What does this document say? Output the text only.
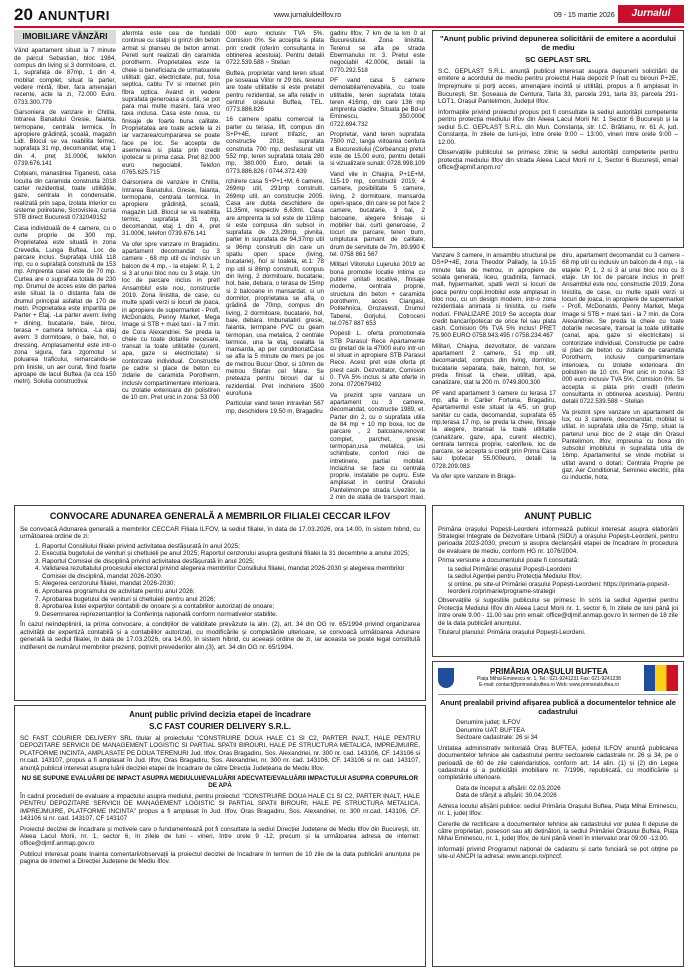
20 ANUNȚURI	www.jurnaluldeilfov.ro	09 - 15 martie 2026	Jurnalul
IMOBILIARE VÂNZĂRI

Vând apartament situat la 7 minute de parcul Sebastian, bloc 1984, compus din living și 3 dormitoare, ct. 1, suprafața de 87mp, 1 din 4, mobilat complet, situat la parter, vedere mixtă, liber, fara amenajari recente, acte la zi, 72.000 Euro. 0733.300.779

Garsoniera de vanzare in Chitila, Intrarea Banatului Gresie, faianța, termopane, centrala termica. În apropiere grădiniță, școală, magazin Lidl. Blocul se va reabilita termic, suprafața 31 mp, decomandat, etaj 1 din 4, preț 31.000€, telefon 0739.676.141

Colțeani, manastirea Tiganesti, casa locuita din caramida construita 2018 carter rezidential, toate utilitățile, gaze, centrala in condensatie, realizată prin sapa, izolata interior cu sisteme poliretane, Scrovistea, cursa STB direct Bucuresti 0732049152

Casa individuală de 4 camere, cu o curte proprie de 300 mp. Proprietatea este situată in zona Crevedia, Lunga Buftea. Loc de parcare inclus. Suprafața Utilă 118 mp, cu o suprafață construită de 153 mp. Amprenta casei este de 70 mp. Curtea are o suprafata totala de 230 mp. Drumul de acces este din partea este situat la o distanta fata de drumul principal asfaltat de 170 de metri. Proprietatea este impartita pe Parter + Etaj. -La parter avem: living + dining, bucatarie, baie, birou, terasa + camera tehnica. -La etaj avem: 3 dormitoare, o baie, hol, o dressing. Amplasamentul este intr-o zona sigura, fara zgomotul si poluarea traficului, remarcandu-se prin liniste, un aer curat, fiind foarte aproape de lacul Buftea (la cca 150 metri). Solutia constructiva:

afermta este cea de fundatii continue cu stalpi si grinzi din beton armat si planseu de beton armat. Pereti sunt realizati din caramida porotherm. Proprietatea este la cheie si beneficiaza de urmatoarele utilitati: gaz, electricitate, put, fosa septica, cablu TV si internet prin fibra optica. Avand in vedere suprafata generoasa a curtii, se pot para mai multe masini, fara vreo taxa inclusa. Casa este noua, cu finisaje de foarte buna calitate. Proprietatea are toate actele la zi iar varzarea/cumpararea se poate face pe loc. Se accepta de asemenea si plata prin credit ipotecar si prima casa. Pret 82.000 euro negociabil. Telefon 0765.625.715

Garsoniera de vanzare in Chitila, Intrarea Banatului. Gresie, faianța, termopane, centrala termica. In apropiere grădiniță, școală, magazin Lidl. Blocul se va reabilita termic, suprafața 31 mp, decomandat, etaj 1 din 4, pret 31.000€, telefon 0739.676.141

Va ofer spre vanzare in Bragadiru, apartament decomandat cu 3 camere - 68 mp util cu inclusiv un balcon de 4 mp, - la etajele: P, 1, 2 si 3 al unui bloc nou cu 3 etaje. Un loc de parcare inclus in pret! Ansamblul este nou, constructie 2019. Zona linistita, de case, cu multe spatii verzi si locuri de joaca, in apropiere de supermarket - Profi, McDonalds, Penny Market, Mega Image si STB + maxi taxi - la 7 min. de Cora Alexandriei. Se preda la cheie cu toate dotarile necesare, transat la toate utilitatile (curent, apa, gaze si electricitate) si contorizate individual. Constructie pe cadre si place de beton cu zidarie de caramida Porotherm, inclusiv compartimentare interioara, cu izolatie exterioara din polistiren de 10 cm. Pret unic in zona: 53 000

000 euro inclusiv TVA 5%. Comision 0%. Se accepta si plata prin credit (oferim consultanta in obtinerea acestuia). Pentru detalii 0722.539.588 ~ Stelian

Buftea, proprietar vand teren situat pe soseaua Viilor nr 29 bis, terenul are toate utilitatile si este pretabil pentru rezidential, se afla relativ in centrul orasului Buftea, TEL. 0773.886.826

16 camere spatiu comercial la parter cu terasa, lift, compus din S+P+4E, curent trifazic, an constructie 2018, suprafata construita 700 mp, desfasurat util 552 mp, teren suprafata totala 280 mp, 380.000 Euro, detalii la 0773.886.826 / 0744.372.439

rchirere casa S+P+1+M, 6 camere, 269mp util, 291mp construiti, 269mp util, an construcție 2005. Casa are dubla deschidere de 11,35ml, respectiv 6,63ml. Casa are amprenta la sol este de 118mp si este compusa din subsol in suprafata de 23,29mp, pivnita, parter in suprafata de 94,37mp util si 96mp construiti din care un spatiu open space (living, bucatarie), hol si toaleta, et.1: 78 mp util si 86mp construiti, compus din living, 2 dormitoare, bucatarie, hol, baie, debara, o terasa de 15mp si 2 balcoane in mansardat, si un dormitor, proprietatea se afla, o grădină de 70mp, compus din living, 2 dormitoare, bucatarie, hol, baie, debara. Imbunatatiri: gresie, faianta, termpane PVC cu geam termopan, usa metalica, 2 centrale termice, una la etaj, cealalta la mansarda, ap per conditionatCasa se afla la 5 minute de mers pe jos de metrou Bucur Obor, si 10min de metrou Stefan cel Mare. Se preteaza pentru birouri dar si rezidential. Pret inchiriere 3500 euro/luna

Particular vand teren intravilan 567 mp, deschidere 19.50 m, Bragadiru

gadiru Ilfov, 7 km de la km 0 al Bucurestiului. Zona linistita. Terenul se afla pe strada Ebermanului nr. 3. Pretul este negociabil 42.000€, detalii la 0770.292.518

PF vand casa 5 camere demolabila/renovabila, cu toate utilitatile, teren suprafata totala teren 416mp, din care 136 mp amprenta cladire. Situata pe Bd-ul Eminescu, 350.000€ 0722.694.732

Proprietar, vand teren suprafata 7500 m2, langa viitoarea centura a Bucurestiului (Corbeanca) pretul este de 15.00 euro, pentru detalii si vizualizare sunati: 0728.998.109

Vand vile in Chiajna, P+1E+M, 115-19 mp, constructii 2019, 4 camere, posibilitate 5 camere, living, 2 dormitoare, mansarda open-space, din care se pot face 2 camere, bucatarie, 3 bai, 2 balcoane, alegere finisaje si mobilier bai, curti generoase, 2 locuri de parcare, teren burn, umplutura parnant de calitate, drum de servitute de 7m, 89.990 € tel. 0758 861 567

Militari Viitorului Lujerului 2019 ac bona promotie locatie intima cu putine unitati locative, finisaje moderne, centrala proprie, structura din beton + caramida porotherm, acces Ciangasi, Politehnica, Grozavesti, Drumul Taberei, Gorjului, Cotroceni tel.0767 887 653

Popesti L. oferta promotionala STB Parasul Rece Apartamente cu pretari de la 47000 euro intr-un el situat in apropiere STB Parasul Rece. Acest pret este oferta pt prest cash. Dezvoltator, Comision 0. TVA 5% inclus si alte oferte in zona. 0720679492

Va prezint spre vanzare un apartament cu 3 camere, decomandat, constructie 1989, et. Parter din 2, cu o suprafata utila de 84 mp + 10 mp boxa, loc de parcare , 2 balcoane,renovat complet, parchet, gresie, termopan,usa metalica, usi schimbate, confort mici de intretinere, partial mobilat. Inclazina se face cu centrala proprie, instalatie pe cupru. Este amplasat in centrul Orasului Pantelimon,pe strada Livezilor, la 2 min de statia de transport maxi.

"Anunț public privind depunerea solicitării de emitere a acordului de mediu
SC GEPLAST SRL

S.C. GEPLAST S.R.L. anunță publicul interesat asupra depunerii solicitării de emitere a acordului de mediu pentru proiectul Hala depozit P înalt cu birouri P+2E, împrejmuire și porți acces, amenajare incintă și utilități, propus a fi amplasat în București, Str. Șoseaua de Centura, Tarla 33, parcela 291, tarla 33, parcela 291-LOT1, Orașul Pantelimon, Județul Ilfov.

Informațiile privind proiectul propus pot fi consultate la sediul autorității competente pentru protecția mediului Ilfov din Aleea Lacul Morii Nr. 1 Sector 6 București și la sediul S.C. GEPLAST S.R.L. din Mun. Constanța, str. I.C. Brătianu, nr. 61 A, jud. Constanța, în zilele de luni-joi, între orele 9:00 – 13:00, vineri între orele 9:00 – 12:00.

Observațiile publicului se primesc zilnic la sediul autorității competente pentru protecția mediului Ilfov din strada Aleea Lacul Morii nr 1, Sector 6 București, email office@apmif.anpm.ro"

Vanzare 3 camere, in ansamblu structural pe DS+P+4E, zona Theodor Pallady, la 10-15 minute fata de metrou, in apropiere de scoala generala, liceu, gradinita, farmacii, mall, hypermarket, spatii verzi si locuri de joaca pentru copii.Imobilul este amplasat in bloc nou, cu un design modern, intr-o zona rezidentiala animata si linistita, cu rsefe noduri. FINALIZARE 2019 Se accepta doar credit bancar/ipotecar de orice fel sau plata cash. Comision 0% TVA 5% inclus! PRET 75.900 EURO 0758.943.495 / 0758.234.467

Militari, Chiajna, dezvoltator, de vanzare apartament 2 camere, 51 mp util, decomandat, compus din living, dormitor, bucatarie separata, baie, balcon, hol, se preda finisat la cheie, utilitati, apa, canalizare, stat la 200 m. 0749.800.300

PF vand apartament 3 camere cu terasa 17 mp, afla in Cartier Fortuna, Bragadiru, Apartamentul este situat la 4/5, un grup sanitar cu cada, decomandat, suprafata 65 mp,terasa 17 mp, se preda la cheie, finisaje la alegere, bransat la toate utilitatile (canalizare, gaze, apa, curent electric), centrala termica proprie, caloriferе, loc de parcare, se accepta si credit prin Prima Casa sau Ipotecar 55.000euro, detalii la 0728.209.083

Va ofer spre vanzare in Braga-

diru, apartament decomandat cu 3 camere - 68 mp util cu inclusiv un balcon de 4 mp, - la etajele: P, 1, 2 si 3 al unui bloc nou cu 3 etaje. Un loc de parcare inclus in pret! Ansamblul este nou, constructie 2019. Zona linistita, de case, cu multe spatii verzi si locuri de joaca, in apropiere de supermarket - Profi, McDonalds, Penny Market, Mega Image si STB + maxi taxi - la 7 min. de Cora Alexandriei. Se preda la cheie cu toate dotarile necesare, transat la toate utilitatile (canal, apa, gaze si electricitate) si contorizate individual. Constructie pe cadre si placi de beton cu zidarie de caramida Porotherm, inclusiv compartimentare interioara, cu izolatie exterioara din polistiren de 10 cm. Pret unic in zona: 53 000 euro inclusiv TVA 5%. Comision 0%. Se accepta si plata prin credit (oferim consultanta in obtinerea acestuia). Pentru detalii 0722.539.588 ~ Stelian

Va prezint spre vanzare un apartament de lux, cu 3 camere, decomandat, mobilat si utilat, in suprafata utila de 75mp, situat la parterul unui bloc de 2 etaje din Orasul Pantelimon, Ilfov, impreuna cu boxa din subsolul imobilului in suprafata utila de 16mp. Apartamentul se vinde mobilat si utilat avand o dotari: Centrala Proprie pe gaz, Aer Conditionat, Seminеu electric, plita cu inductie, hota,

CONVOCARE ADUNAREA GENERALĂ A MEMBRILOR FILIALEI CECCAR ILFOV

Se convoacă Adunarea generală a membrilor CECCAR Filiala ILFOV, la sediul filialei, în data de 17.03.2026, ora 14.00, în sistem hibrid, cu următoarea ordine de zi:

1. Raportul Consiliului filialei privind activitatea desfășurată în anul 2025;
2. Execuția bugetului de venituri și cheltuieli pe anul 2025; Raportul cenzorului asupra gestiunii filialei la 31 decembrie a anului 2025;
3. Raportul Comisiei de disciplină privind activitatea desfășurată în anul 2025;
4. Validarea rezultatului procesului electoral privind alegerea membrilor Consiliului filialei, mandat 2026-2030 și alegerea membrilor Comisiei de disciplină, mandat 2026-2030.
5. Alegerea cenzorului filialei, mandat 2026-2030;
6. Aprobarea programului de activitate pentru anul 2026;
7. Aprobarea bugetului de venituri și cheltuieli pentru anul 2026;
8. Aprobarea listei experților contabili de onoare și a contabililor autorizați de onoare;
9. Desemnarea reprezentanților la Conferința națională conform normativelor stabilite.

În cazul neîndeplinirii, la prima convocare, a condițiilor de validitate prevăzute la alin. (2), art. 34 din OG nr. 65/1994 privind organizarea activității de expertiză contabilă și a contabililor autorizați, cu modificările și completările ulterioare, se convoacă următoarea Adunare generală la sediul filialei, în data de 17.03.2026, ora 14.00, în sistem hibrid, cu aceeași ordine de zi, iar aceasta se poate legal constitută indiferent de numărul membrilor prezenți, potrivit prevederilor alin.(3), art. 34 din OG nr. 65/1994.

Anunț public privind decizia etapei de încadrare
S.C FAST COURIER DELIVERY S.R.L.

SC FAST COURIER DELIVERY SRL titular al proiectului "CONSTRUIRE DOUA HALE C1 SI C2, PARTER INALT, HALE PENTRU DEPOZITARE SERVICII DE MANAGEMENT LOGISTIC SI PARTIAL SPATII BIROURI, HALE PE STRUCTURA METALICA, IMPREJMUIRE, PLATFORME INCINTA, AMPLASATE PE DOUA TERENURI Jud. Ilfov, Oras Bragadiru, Sos. Alexandriei, nr. 300 nr. cad. 143106, CF. 143106 si nr.cad. 143107, propus a fi amplasat în Jud. Ilfov, Oras Bragadiru, Sos. Alexandriei, nr. 300 nr. cad. 143106, CF. 143106 si nr. cad. 143107, anunță publicul interesat asupra luării deciziei etapei de încadrare de către Direcția Județeana de Mediu Ilfov.

NU SE SUPUNE EVALUĂRII DE IMPACT ASUPRA MEDIULUI/EVALUĂRII ADECVATE/EVALUĂRII IMPACTULUI ASUPRA CORPURILOR DE APĂ

În cadrul procedurii de evaluare a impactului asupra mediului, pentru proiectul: "CONSTRUIRE DOUA HALE C1 SI C2, PARTER INALT, HALE PENTRU DEPOZITARE SERVICII DE MANAGEMENT LOGISTIC SI PARTIAL SPATII BIROURI, HALE PE STRUCTURA METALICA, IMPREJMUIRE, PLATFORME INCINTA" propus a fi amplasat în Jud. Ilfov, Oras Bragadiru, Sos. Alexandriei, nr. 300 nr.cad. 143106, CF. 143106 si nr. cad. 143107, CF 143107

Proiectul deciziei de încadrare și motivele care o fundamentează pot fi consultate la sediul Direcției Județene de Mediu Ilfov din București, str. Aleea Lacul Morii, nr. 1, sector 6, în zilele de luni - vineri, între orele 9 -12, precum și la următoarea adresa de internet: office@djmif.anmap.gov.ro

Publicul interesat poate înainta comentarii/observații la proiectul deciziei de încadrare în termen de 10 zile de la data publicării anunțului pe pagina de internet a Direcției Județene de Mediu Ilfov.

ANUNȚ PUBLIC

Primăria orașului Popești-Leordeni informează publicul interesat asupra elaborării Strategiei Integrate de Dezvoltare Urbană (SIDU) a orașului Popești-Leordeni, pentru perioada 2023-2030, precum și asupra declanșării etapei de încadrare în procedura de evaluare de mediu, conform HG nr. 1076/2004.

Prima versiune a documentului poate fi consultată:

la sediul Primăriei orașului Popești-Leordeni
la sediul Agenției pentru Protecția Mediului Ilfov;
și online, pe site-ul Primăriei orașului Popești-Leordeni: https://primaria-popesti-leordeni.ro/primarie/programe-strategii

Observațiile și sugestiile publicului se primesc în scris la sediul Agenției pentru Protecția Mediului Ilfov din Aleea Lacul Morii nr. 1, sector 6, în zilele de luni până joi între orele 9.00 - 11.00 sau prin email: office@djmif.anmap.gov.ro în termen de 18 zile de la data publicării anunțului.

Titularul planului: Primăria orașului Popești-Leordeni.

PRIMĂRIA ORAȘULUI BUFTEA
Piața Mihai Eminescu nr. 1, Tel.: 021-9241231 Fax: 021-9241238
E-mail: contact@primariabuftea.ro Web: www.primariabuftea.ro
Anunț prealabil privind afișarea publică a documentelor tehnice ale cadastrului
Denumire județ: ILFOV
Denumire UAT: BUFTEA
Sectoare cadastrale: 26 și 34

Unitatea administrativ teritorială Oraș BUFTEA, județul ILFOV anunță publicarea documentelor tehnice ale cadastrului pentru sectoarele cadastrale nr. 26 și 34, pe o perioadă de 60 de zile calendaristice, conform art. 14 alin. (1) și (2) din Legea cadastrului și a publicității imobiliare nr. 7/1996, republicată, cu modificările și completările ulterioare.

Data de început a afișării: 02.03.2026
Data de sfârșit a afișării: 30.04.2026

Adresa locului afișării publice: sediul Primăria Orașului Buftea, Piața Mihai Eminescu, nr. 1, județ Ilfov.

Cererile de rectificare a documentelor tehnice ale cadastrului vor putea fi depuse de către proprietari, posesori sau alți deținători, la sediul Primăriei Orașului Buftea, Piața Mihai Eminescu, nr. 1, județ Ilfov, de luni până vineri în intervalul orar 09:00 -13:00.

Informații privind Programul național de cadastru și carte funciară se pot obține pe site-ul ANCPI la adresa: www.ancpi.ro/pnccf.
